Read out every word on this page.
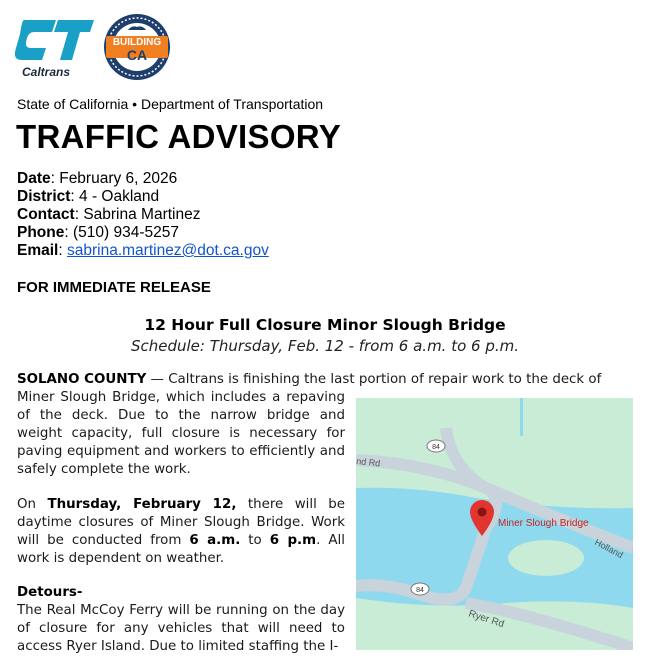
Caltrans
BUILDING
CA
State of California • Department of Transportation
TRAFFIC ADVISORY
Date: February 6, 2026
District: 4 - Oakland
Contact: Sabrina Martinez
Phone: (510) 934-5257
Email: sabrina.martinez@dot.ca.gov
FOR IMMEDIATE RELEASE
12 Hour Full Closure Minor Slough Bridge
Schedule: Thursday, Feb. 12 - from 6 a.m. to 6 p.m.
SOLANO COUNTY — Caltrans is finishing the last portion of repair work to the deck of
Miner Slough Bridge, which includes a repaving of the deck. Due to the narrow bridge and weight capacity, full closure is necessary for paving equipment and workers to efficiently and safely complete the work.
On Thursday, February 12, there will be daytime closures of Miner Slough Bridge. Work will be conducted from 6 a.m. to 6 p.m. All work is dependent on weather.
Detours-
The Real McCoy Ferry will be running on the day of closure for any vehicles that will need to access Ryer Island. Due to limited staffing the I-
84
84
nd Rd
Holland
Ryer Rd
Miner Slough Bridge
